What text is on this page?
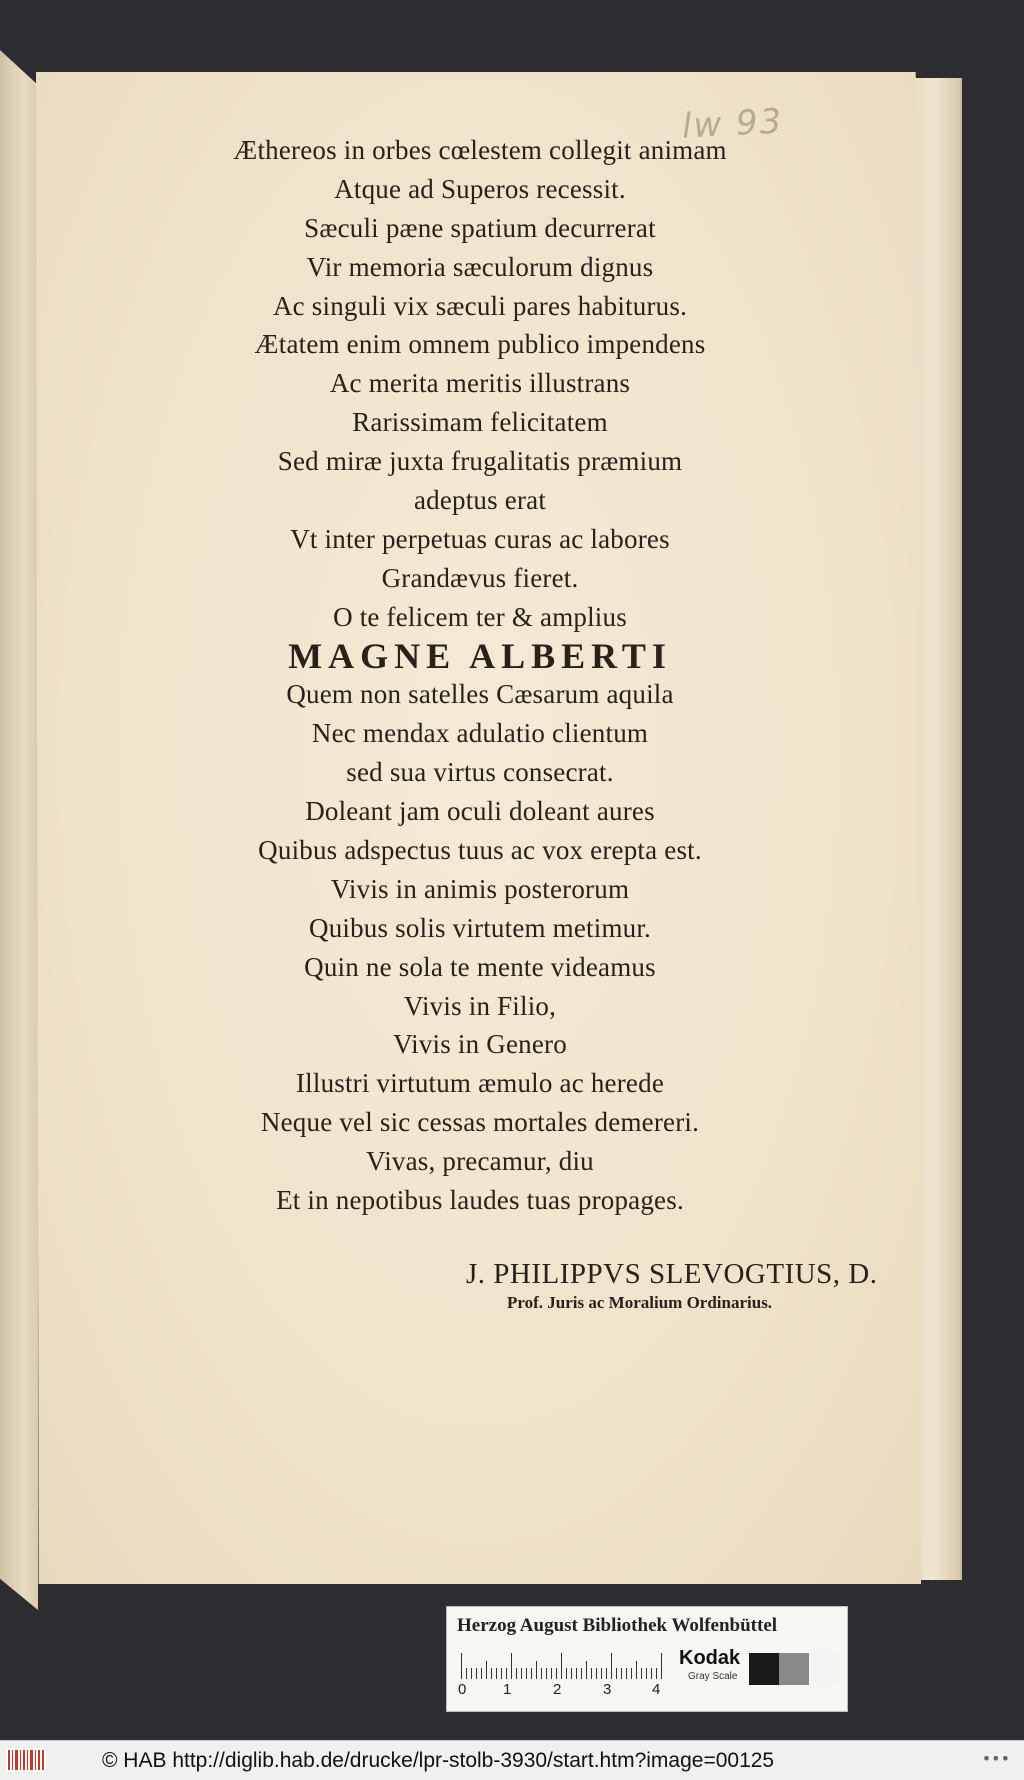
lw 93
Æthereos in orbes cœlestem collegit animam
Atque ad Superos recessit.
Sæculi pæne spatium decurrerat
Vir memoria sæculorum dignus
Ac singuli vix sæculi pares habiturus.
Ætatem enim omnem publico impendens
Ac merita meritis illustrans
Rarissimam felicitatem
Sed miræ juxta frugalitatis præmium
adeptus erat
Vt inter perpetuas curas ac labores
Grandævus fieret.
O te felicem ter & amplius
MAGNE ALBERTI
Quem non satelles Cæsarum aquila
Nec mendax adulatio clientum
sed sua virtus consecrat.
Doleant jam oculi doleant aures
Quibus adspectus tuus ac vox erepta est.
Vivis in animis posterorum
Quibus solis virtutem metimur.
Quin ne sola te mente videamus
Vivis in Filio,
Vivis in Genero
Illustri virtutum æmulo ac herede
Neque vel sic cessas mortales demereri.
Vivas, precamur, diu
Et in nepotibus laudes tuas propages.
J. PHILIPPVS SLEVOGTIUS, D.
Prof. Juris ac Moralium Ordinarius.
Herzog August Bibliothek Wolfenbüttel
0 1	2	3	4
Kodak
Gray Scale
© HAB http://diglib.hab.de/drucke/lpr-stolb-3930/start.htm?image=00125	•••
